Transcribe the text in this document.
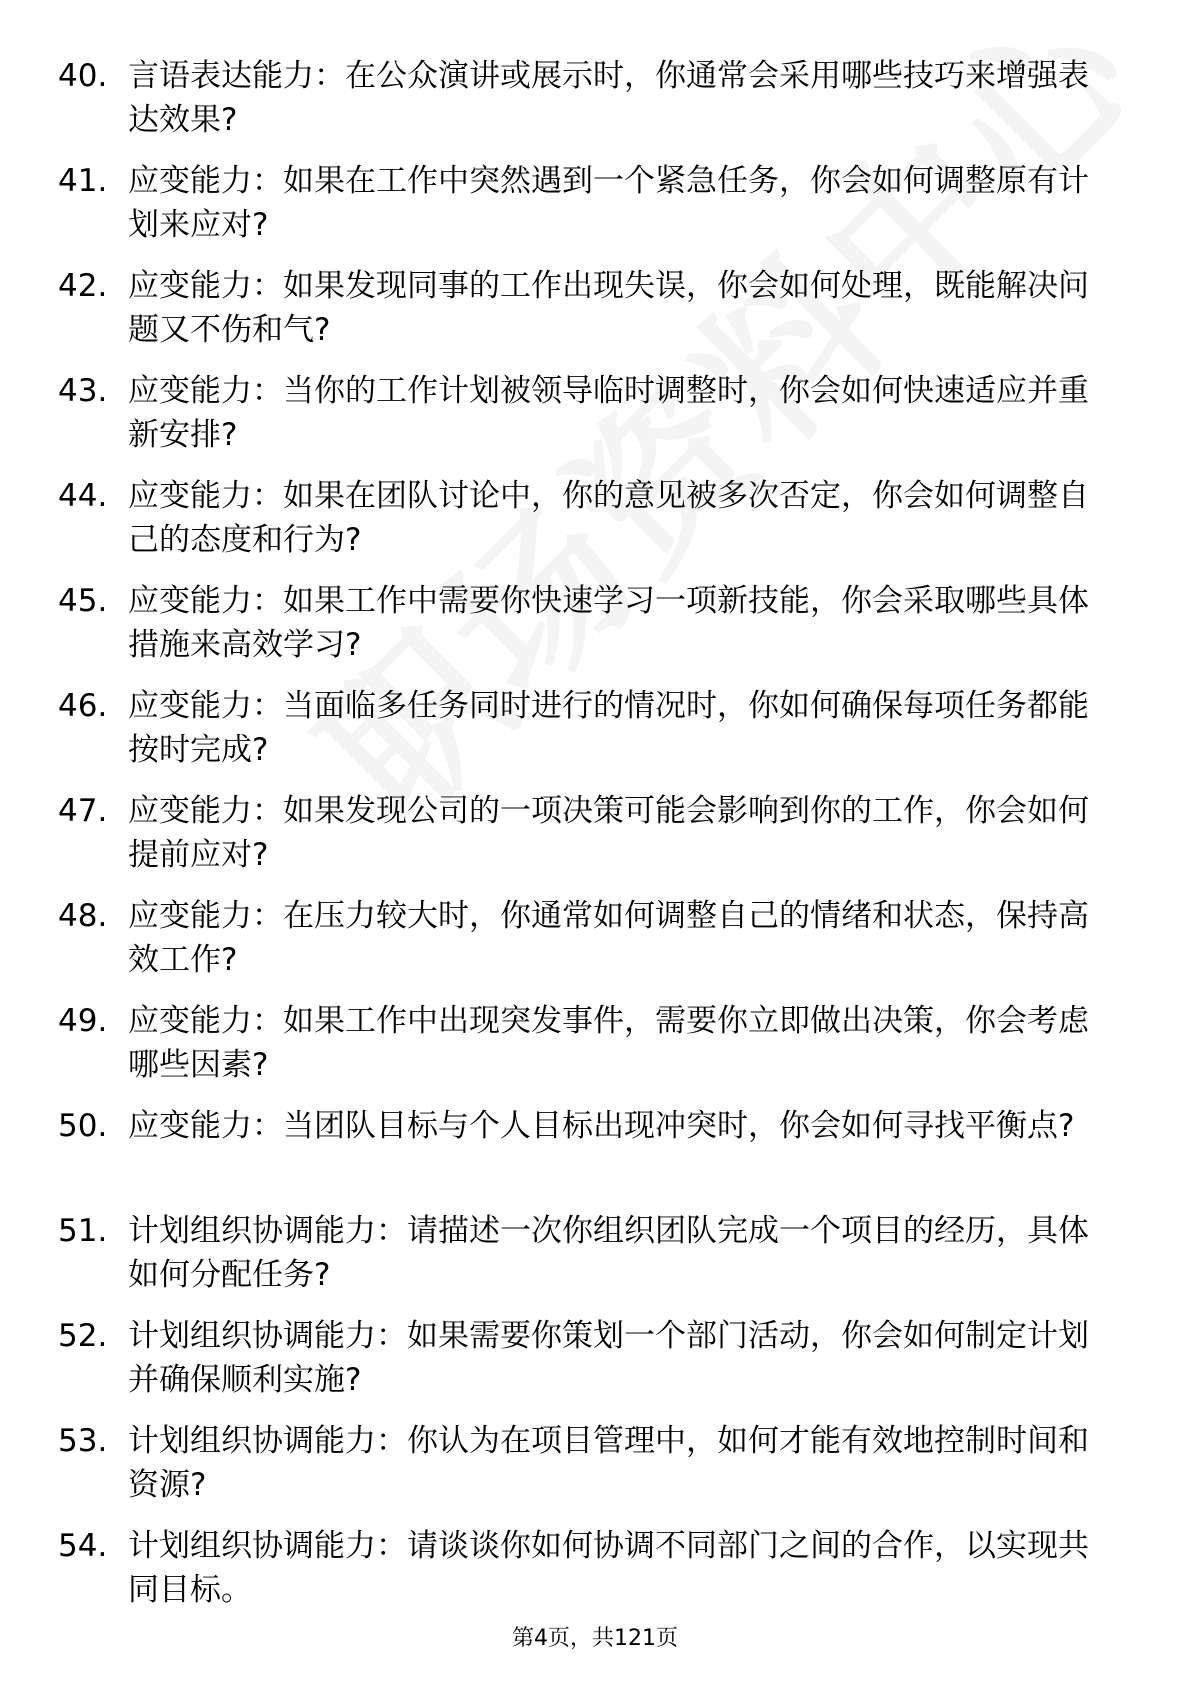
40. 言语表达能力：在公众演讲或展示时，你通常会采用哪些技巧来增强表达效果?
41. 应变能力：如果在工作中突然遇到一个紧急任务，你会如何调整原有计划来应对?
42. 应变能力：如果发现同事的工作出现失误，你会如何处理，既能解决问题又不伤和气?
43. 应变能力：当你的工作计划被领导临时调整时，你会如何快速适应并重新安排?
44. 应变能力：如果在团队讨论中，你的意见被多次否定，你会如何调整自己的态度和行为?
45. 应变能力：如果工作中需要你快速学习一项新技能，你会采取哪些具体措施来高效学习?
46. 应变能力：当面临多任务同时进行的情况时，你如何确保每项任务都能按时完成?
47. 应变能力：如果发现公司的一项决策可能会影响到你的工作，你会如何提前应对?
48. 应变能力：在压力较大时，你通常如何调整自己的情绪和状态，保持高效工作?
49. 应变能力：如果工作中出现突发事件，需要你立即做出决策，你会考虑哪些因素?
50. 应变能力：当团队目标与个人目标出现冲突时，你会如何寻找平衡点?
51. 计划组织协调能力：请描述一次你组织团队完成一个项目的经历，具体如何分配任务?
52. 计划组织协调能力：如果需要你策划一个部门活动，你会如何制定计划并确保顺利实施?
53. 计划组织协调能力：你认为在项目管理中，如何才能有效地控制时间和资源?
54. 计划组织协调能力：请谈谈你如何协调不同部门之间的合作，以实现共同目标。
第4页，共121页
